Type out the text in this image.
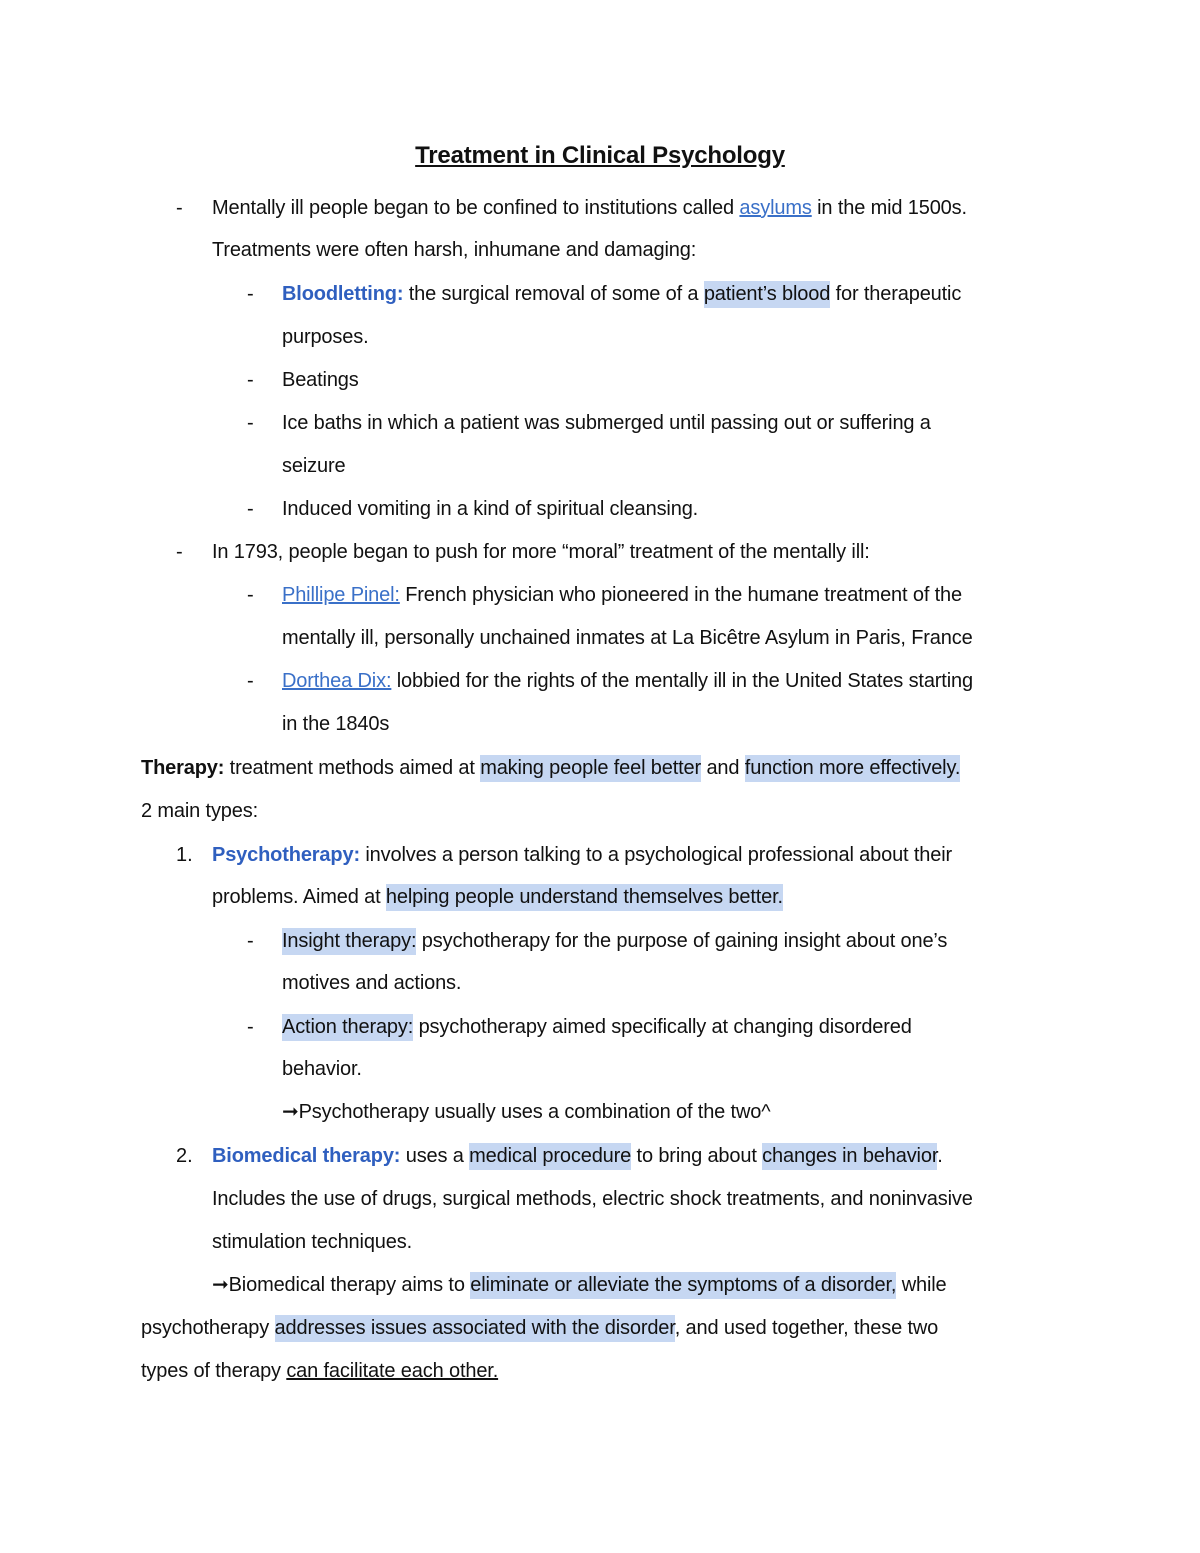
Treatment in Clinical Psychology
- Mentally ill people began to be confined to institutions called asylums in the mid 1500s.
Treatments were often harsh, inhumane and damaging:
- Bloodletting: the surgical removal of some of a patient’s blood for therapeutic
purposes.
- Beatings
- Ice baths in which a patient was submerged until passing out or suffering a
seizure
- Induced vomiting in a kind of spiritual cleansing.
- In 1793, people began to push for more “moral” treatment of the mentally ill:
- Phillipe Pinel: French physician who pioneered in the humane treatment of the
mentally ill, personally unchained inmates at La Bicêtre Asylum in Paris, France
- Dorthea Dix: lobbied for the rights of the mentally ill in the United States starting
in the 1840s
Therapy: treatment methods aimed at making people feel better and function more effectively.
2 main types:
1. Psychotherapy: involves a person talking to a psychological professional about their
problems. Aimed at helping people understand themselves better.
- Insight therapy: psychotherapy for the purpose of gaining insight about one’s
motives and actions.
- Action therapy: psychotherapy aimed specifically at changing disordered
behavior.
➞Psychotherapy usually uses a combination of the two^
2. Biomedical therapy: uses a medical procedure to bring about changes in behavior.
Includes the use of drugs, surgical methods, electric shock treatments, and noninvasive
stimulation techniques.
➞Biomedical therapy aims to eliminate or alleviate the symptoms of a disorder, while
psychotherapy addresses issues associated with the disorder, and used together, these two
types of therapy can facilitate each other.
